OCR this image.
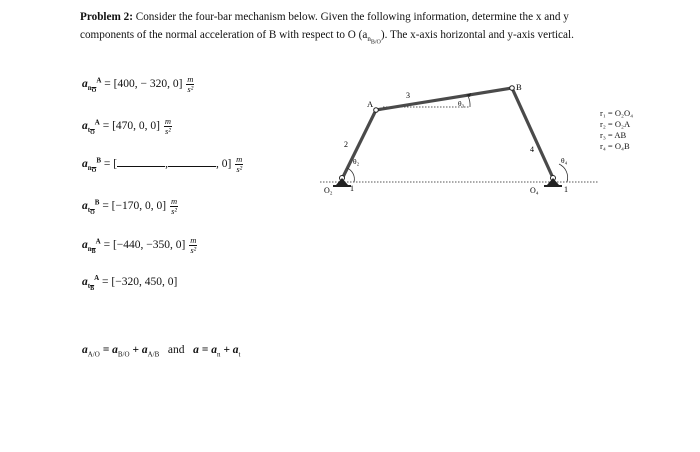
Problem 2: Consider the four-bar mechanism below. Given the following information, determine the x and y components of the normal acceleration of B with respect to O $(a_{n_{B/O}})$. The x-axis horizontal and y-axis vertical.
$a_{n\overline{O}}^A = [400$, − 320, $0] \frac{m}{\text{s²}}$
$a_{t\overline{O}}^A = [470$, 0, $0] \frac{m}{\text{s²}}$
$a_{n\overline{O}}^B$ = [	,	, $0] \frac{m}{\text{s²}}$
$a_{t\overline{O}}^B = [-170$, 0, $0] \frac{m}{\text{s²}}$
$a_{n\overline{B}}^A = [-440$, −350, $0] \frac{m}{\text{s²}}$
$a_{t\overline{B}}^A = [-320$, 450, 0]
$a_{A/O} = a_{B/O} + a_{A/B}$ and $a = a_n + a_t$
A
B
3
2
4
θ₂
θ₃
θ₄
1	1
O₂	O₄
r₁ = O₂O₄
r₂ = O₂A
r₃ = AB
r₄ = O₄B
